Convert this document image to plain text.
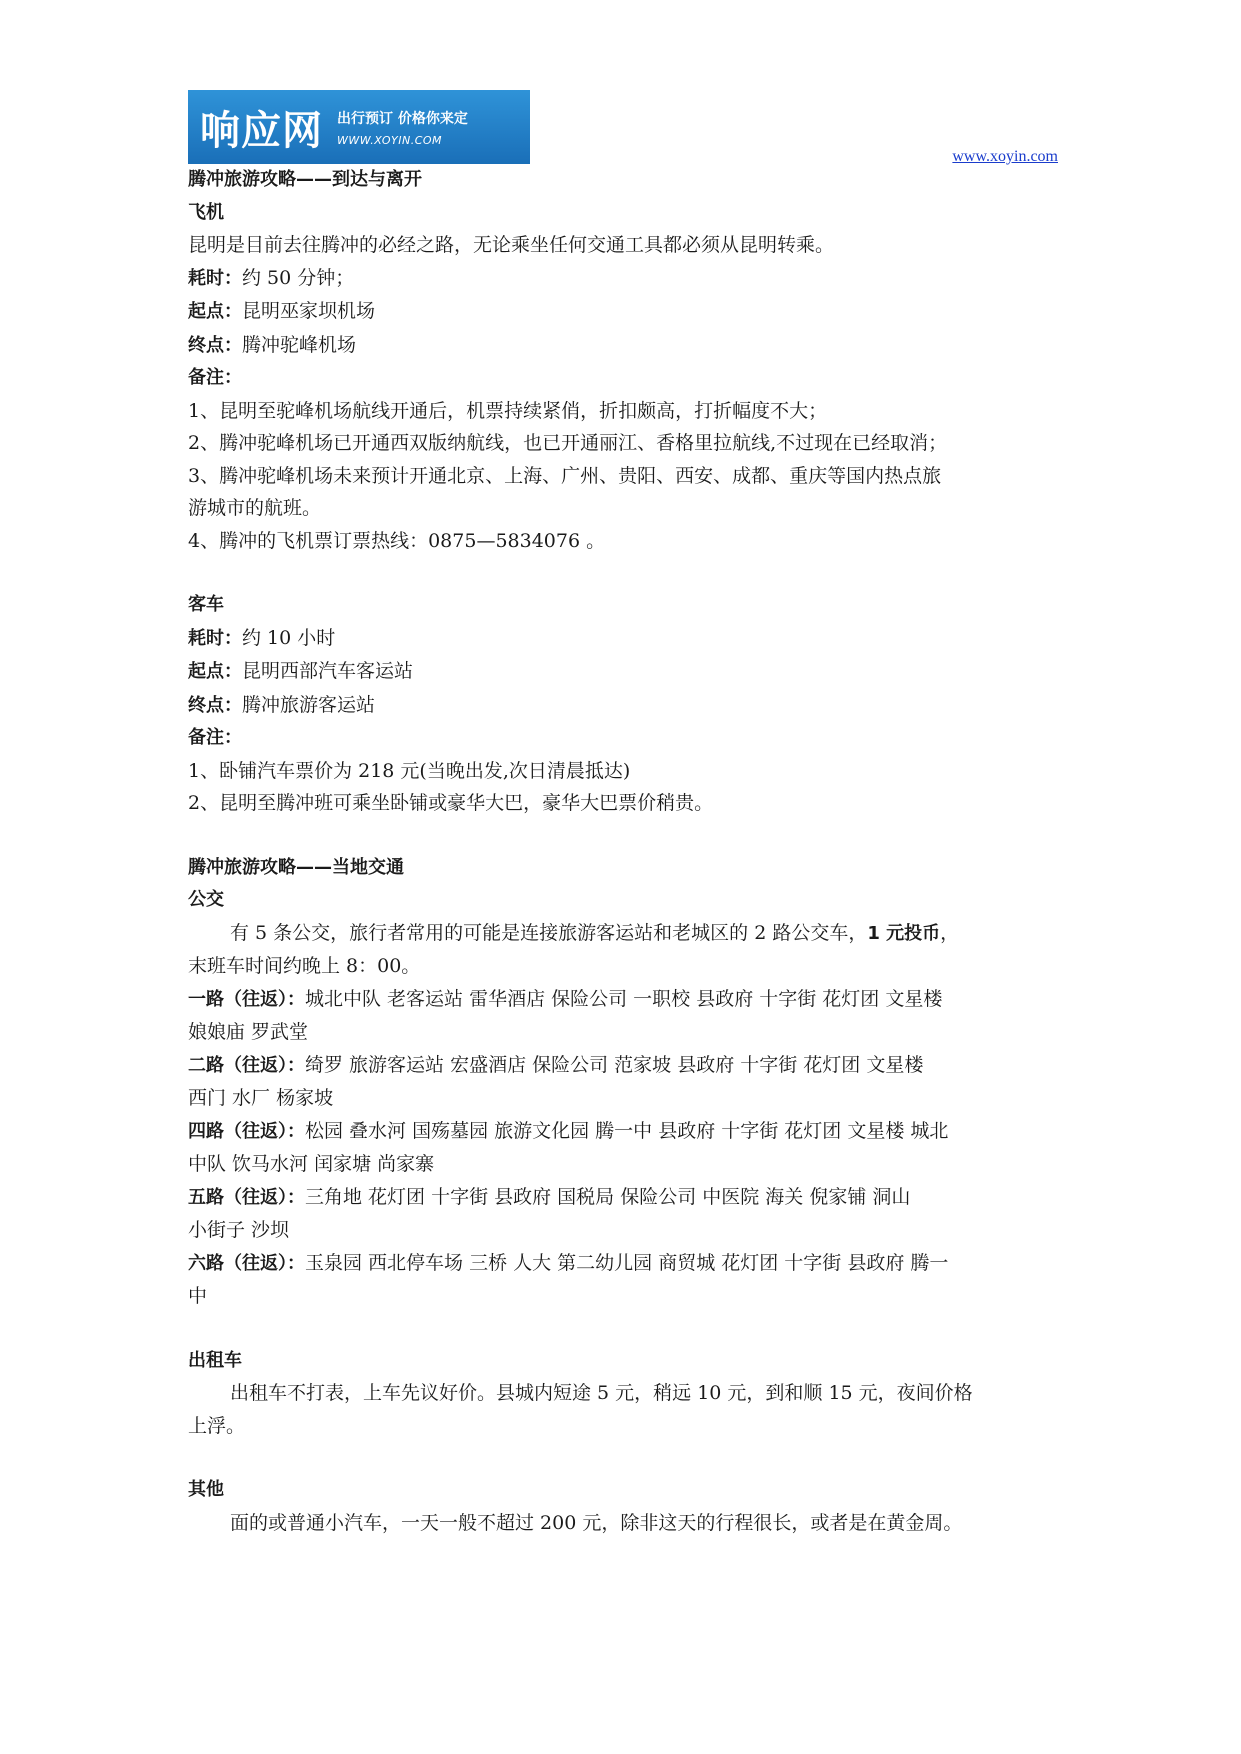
响应网 出行预订 价格你来定
WWW.XOYIN.COM
www.xoyin.com
腾冲旅游攻略——到达与离开
飞机
昆明是目前去往腾冲的必经之路，无论乘坐任何交通工具都必须从昆明转乘。
耗时：约 50 分钟；
起点：昆明巫家坝机场
终点：腾冲驼峰机场
备注：
1、昆明至驼峰机场航线开通后，机票持续紧俏，折扣颇高，打折幅度不大；
2、腾冲驼峰机场已开通西双版纳航线，也已开通丽江、香格里拉航线,不过现在已经取消；
3、腾冲驼峰机场未来预计开通北京、上海、广州、贵阳、西安、成都、重庆等国内热点旅
游城市的航班。
4、腾冲的飞机票订票热线：0875—5834076 。
客车
耗时：约 10 小时
起点：昆明西部汽车客运站
终点：腾冲旅游客运站
备注：
1、卧铺汽车票价为 218 元(当晚出发,次日清晨抵达)
2、昆明至腾冲班可乘坐卧铺或豪华大巴，豪华大巴票价稍贵。
腾冲旅游攻略——当地交通
公交
有 5 条公交，旅行者常用的可能是连接旅游客运站和老城区的 2 路公交车，1 元投币，
末班车时间约晚上 8：00。
一路（往返）：城北中队 老客运站 雷华酒店 保险公司 一职校 县政府 十字街 花灯团 文星楼
娘娘庙 罗武堂
二路（往返）：绮罗 旅游客运站 宏盛酒店 保险公司 范家坡 县政府 十字街 花灯团 文星楼
西门 水厂 杨家坡
四路（往返）：松园 叠水河 国殇墓园 旅游文化园 腾一中 县政府 十字街 花灯团 文星楼 城北
中队 饮马水河 闰家塘 尚家寨
五路（往返）：三角地 花灯团 十字街 县政府 国税局 保险公司 中医院 海关 倪家铺 洞山
小街子 沙坝
六路（往返）：玉泉园 西北停车场 三桥 人大 第二幼儿园 商贸城 花灯团 十字街 县政府 腾一
中
出租车
出租车不打表，上车先议好价。县城内短途 5 元，稍远 10 元，到和顺 15 元，夜间价格
上浮。
其他
面的或普通小汽车，一天一般不超过 200 元，除非这天的行程很长，或者是在黄金周。
